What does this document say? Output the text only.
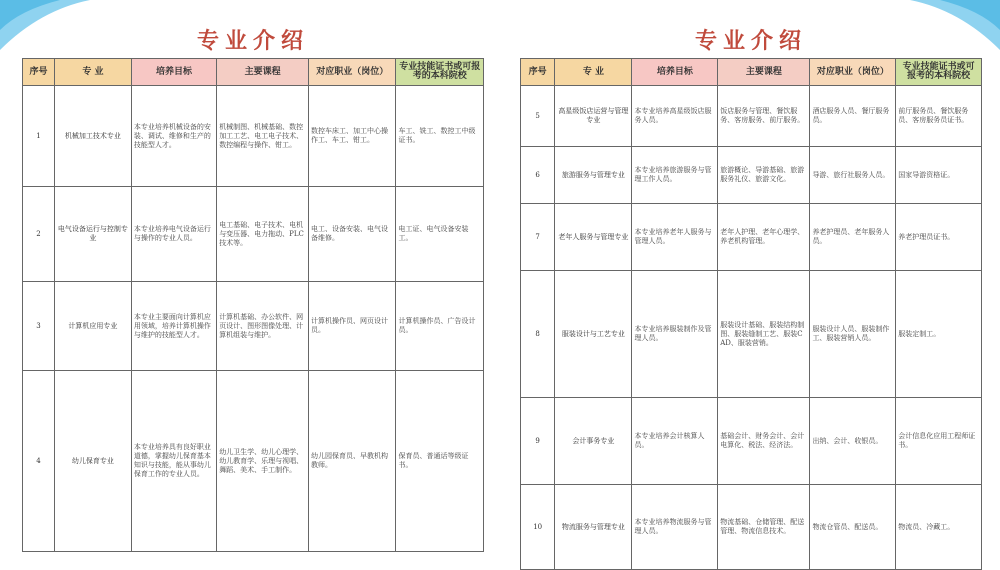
专业介绍
序号	专 业	培养目标	主要课程	对应职业（岗位）	专业技能证书或可报考的本科院校
1	机械加工技术专业	本专业培养机械设备的安装、调试、维修和生产的技能型人才。	机械制图、机械基础、数控加工工艺、电工电子技术、数控编程与操作、钳工。	数控车床工、加工中心操作工、车工、钳工。	车工、铣工、数控工中级证书。
2	电气设备运行与控制专业	本专业培养电气设备运行与操作的专业人员。	电工基础、电子技术、电机与变压器、电力拖动、PLC技术等。	电工、设备安装、电气设备维修。	电工证、电气设备安装工。
3	计算机应用专业	本专业主要面向计算机应用领域，培养计算机操作与维护的技能型人才。	计算机基础、办公软件、网页设计、图形图像处理、计算机组装与维护。	计算机操作员、网页设计员。	计算机操作员、广告设计员。
4	幼儿保育专业	本专业培养具有良好职业道德，掌握幼儿保育基本知识与技能，能从事幼儿保育工作的专业人员。	幼儿卫生学、幼儿心理学、幼儿教育学、乐理与视唱、舞蹈、美术、手工制作。	幼儿园保育员、早教机构教师。	保育员、普通话等级证书。
专业介绍
序号	专 业	培养目标	主要课程	对应职业（岗位）	专业技能证书或可报考的本科院校
5	高星级饭店运营与管理专业	本专业培养高星级饭店服务人员。	饭店服务与管理、餐饮服务、客房服务、前厅服务。	酒店服务人员、餐厅服务员。	前厅服务员、餐饮服务员、客房服务员证书。
6	旅游服务与管理专业	本专业培养旅游服务与管理工作人员。	旅游概论、导游基础、旅游服务礼仪、旅游文化。	导游、旅行社服务人员。	国家导游资格证。
7	老年人服务与管理专业	本专业培养老年人服务与管理人员。	老年人护理、老年心理学、养老机构管理。	养老护理员、老年服务人员。	养老护理员证书。
8	服装设计与工艺专业	本专业培养服装制作及管理人员。	服装设计基础、服装结构制图、服装缝制工艺、服装CAD、服装营销。	服装设计人员、服装制作工、服装营销人员。	服装定制工。
9	会计事务专业	本专业培养会计核算人员。	基础会计、财务会计、会计电算化、税法、经济法。	出纳、会计、收银员。	会计信息化应用工程师证书。
10	物流服务与管理专业	本专业培养物流服务与管理人员。	物流基础、仓储管理、配送管理、物流信息技术。	物流仓管员、配送员。	物流员、冷藏工。
